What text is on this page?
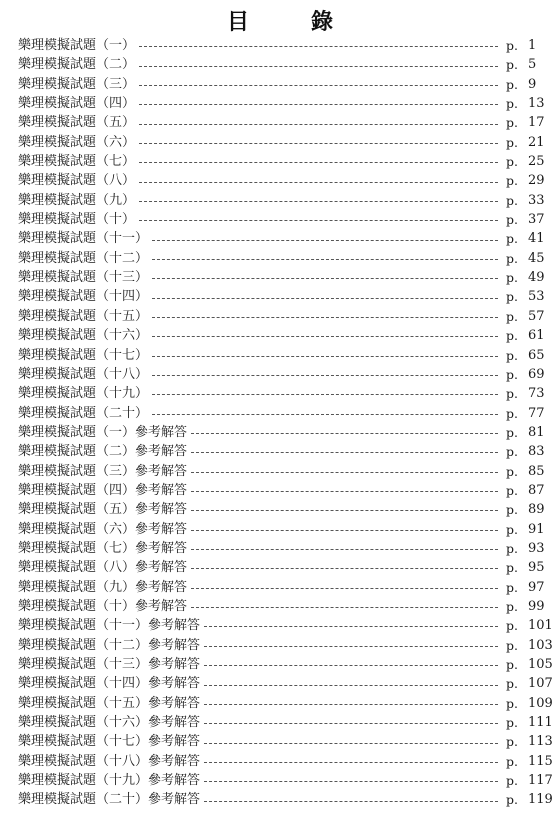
目	錄
樂理模擬試題（一）	p. 1
樂理模擬試題（二）	p. 5
樂理模擬試題（三）	p. 9
樂理模擬試題（四）	p. 13
樂理模擬試題（五）	p. 17
樂理模擬試題（六）	p. 21
樂理模擬試題（七）	p. 25
樂理模擬試題（八）	p. 29
樂理模擬試題（九）	p. 33
樂理模擬試題（十）	p. 37
樂理模擬試題（十一）	p. 41
樂理模擬試題（十二）	p. 45
樂理模擬試題（十三）	p. 49
樂理模擬試題（十四）	p. 53
樂理模擬試題（十五）	p. 57
樂理模擬試題（十六）	p. 61
樂理模擬試題（十七）	p. 65
樂理模擬試題（十八）	p. 69
樂理模擬試題（十九）	p. 73
樂理模擬試題（二十）	p. 77
樂理模擬試題（一）參考解答	p. 81
樂理模擬試題（二）參考解答	p. 83
樂理模擬試題（三）參考解答	p. 85
樂理模擬試題（四）參考解答	p. 87
樂理模擬試題（五）參考解答	p. 89
樂理模擬試題（六）參考解答	p. 91
樂理模擬試題（七）參考解答	p. 93
樂理模擬試題（八）參考解答	p. 95
樂理模擬試題（九）參考解答	p. 97
樂理模擬試題（十）參考解答	p. 99
樂理模擬試題（十一）參考解答	p. 101
樂理模擬試題（十二）參考解答	p. 103
樂理模擬試題（十三）參考解答	p. 105
樂理模擬試題（十四）參考解答	p. 107
樂理模擬試題（十五）參考解答	p. 109
樂理模擬試題（十六）參考解答	p. 111
樂理模擬試題（十七）參考解答	p. 113
樂理模擬試題（十八）參考解答	p. 115
樂理模擬試題（十九）參考解答	p. 117
樂理模擬試題（二十）參考解答	p. 119
